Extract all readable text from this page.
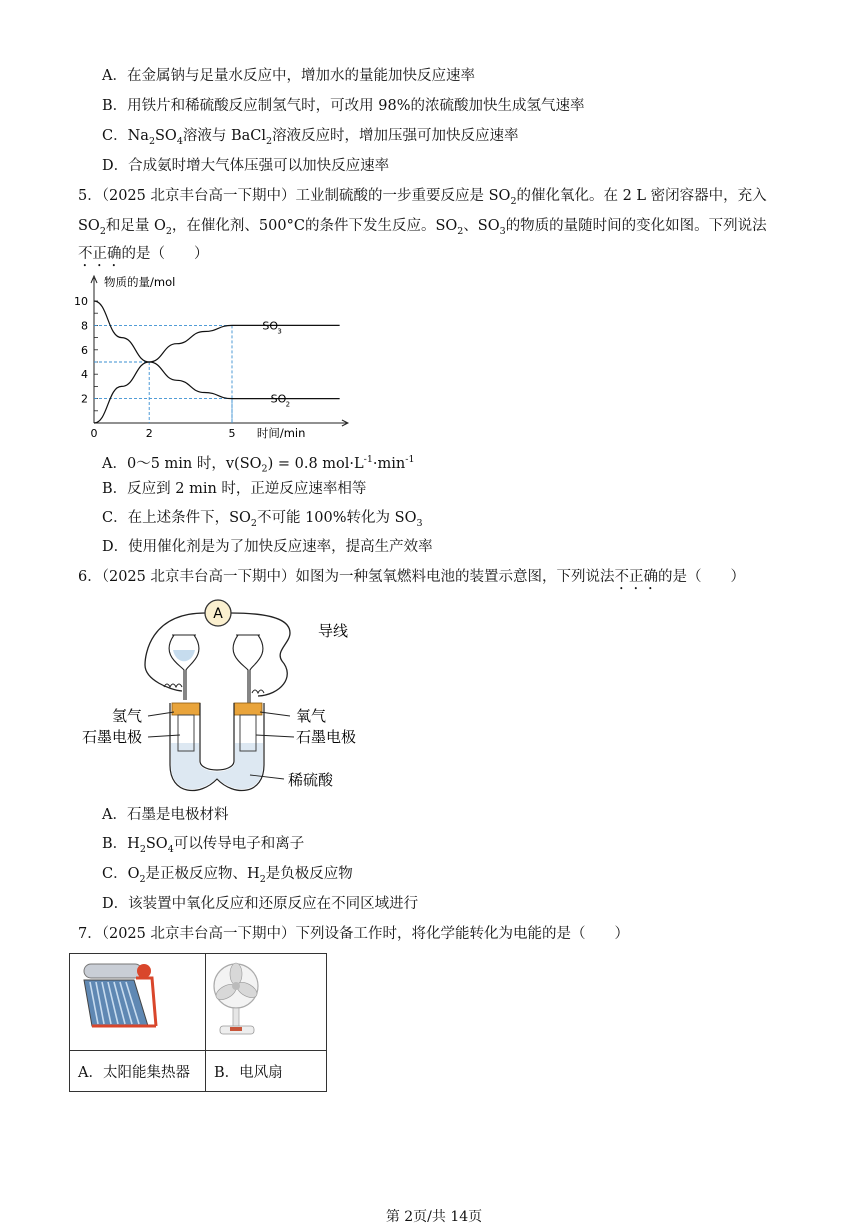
A．在金属钠与足量水反应中，增加水的量能加快反应速率
B．用铁片和稀硫酸反应制氢气时，可改用 98%的浓硫酸加快生成氢气速率
C．$Na_2SO_4$溶液与 BaCl$_2$溶液反应时，增加压强可加快反应速率
D．合成氨时增大气体压强可以加快反应速率
5．（2025 北京丰台高一下期中）工业制硫酸的一步重要反应是 $SO_2$的催化氧化。在 2 L 密闭容器中，充入
$SO_2$和足量 $O_2$，在催化剂、500°C的条件下发生反应。$SO_2$、$SO_3$的物质的量随时间的变化如图。下列说法
不正确的是（　　）
2
4
6
8
10
0	2	5
SO 3
SO 2
物质的量/mol
时间/min
A．0～5 min 时，$v(SO_2) = 0.8$ $mol\cdot L^{-1}\cdot\min^{-1}$
B．反应到 2 min 时，正逆反应速率相等
C．在上述条件下，$SO_2$不可能 100%转化为 $SO_3$
D．使用催化剂是为了加快反应速率，提高生产效率
6．（2025 北京丰台高一下期中）如图为一种氢氧燃料电池的装置示意图，下列说法不正确的是（　　）
A
氢气
石墨电极
氧气
石墨电极
稀硫酸
导线
A．石墨是电极材料
B．$H_2SO_4$可以传导电子和离子
C．$O_2$是正极反应物、$H_2$是负极反应物
D．该装置中氧化反应和还原反应在不同区域进行
7．（2025 北京丰台高一下期中）下列设备工作时，将化学能转化为电能的是（　　）

A．太阳能集热器	B．电风扇
第 2页/共 14页
